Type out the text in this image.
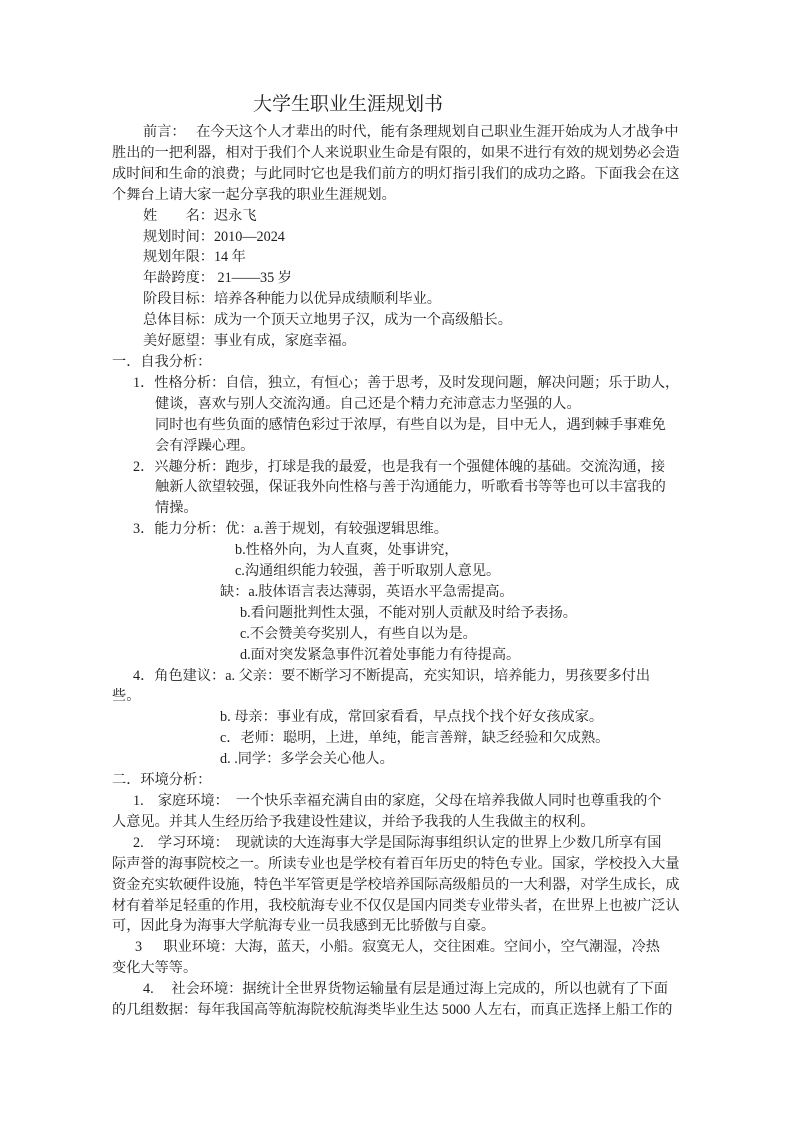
大学生职业生涯规划书
前言：　 在今天这个人才辈出的时代，能有条理规划自己职业生涯开始成为人才战争中
胜出的一把利器，相对于我们个人来说职业生命是有限的，如果不进行有效的规划势必会造
成时间和生命的浪费；与此同时它也是我们前方的明灯指引我们的成功之路。下面我会在这
个舞台上请大家一起分享我的职业生涯规划。
姓　　名：迟永飞
规划时间：2010—2024
规划年限：14 年
年龄跨度： 21——35 岁
阶段目标：培养各种能力以优异成绩顺利毕业。
总体目标：成为一个顶天立地男子汉，成为一个高级船长。
美好愿望：事业有成，家庭幸福。
一．自我分析：
1．性格分析：自信，独立，有恒心；善于思考，及时发现问题，解决问题；乐于助人，
健谈，喜欢与别人交流沟通。自己还是个精力充沛意志力坚强的人。
同时也有些负面的感情色彩过于浓厚，有些自以为是，目中无人，遇到棘手事难免
会有浮躁心理。
2．兴趣分析：跑步，打球是我的最爱，也是我有一个强健体魄的基础。交流沟通，接
触新人欲望较强，保证我外向性格与善于沟通能力，听歌看书等等也可以丰富我的
情操。
3．能力分析：优：a.善于规划，有较强逻辑思维。
b.性格外向，为人直爽，处事讲究，
c.沟通组织能力较强，善于听取别人意见。
缺：a.肢体语言表达薄弱，英语水平急需提高。
b.看问题批判性太强，不能对别人贡献及时给予表扬。
c.不会赞美夸奖别人，有些自以为是。
d.面对突发紧急事件沉着处事能力有待提高。
4．角色建议：a. 父亲：要不断学习不断提高，充实知识，培养能力，男孩要多付出
些。
b. 母亲：事业有成，常回家看看，早点找个找个好女孩成家。
c．老师：聪明，上进，单纯，能言善辩，缺乏经验和欠成熟。
d. .同学：多学会关心他人。
二．环境分析：
1.　家庭环境：　一个快乐幸福充满自由的家庭，父母在培养我做人同时也尊重我的个
人意见。并其人生经历给予我建设性建议，并给予我我的人生我做主的权利。
2.　学习环境：　现就读的大连海事大学是国际海事组织认定的世界上少数几所享有国
际声誉的海事院校之一。所读专业也是学校有着百年历史的特色专业。国家，学校投入大量
资金充实软硬件设施，特色半军管更是学校培养国际高级船员的一大利器，对学生成长，成
材有着举足轻重的作用，我校航海专业不仅仅是国内同类专业带头者，在世界上也被广泛认
可，因此身为海事大学航海专业一员我感到无比骄傲与自豪。
3　  职业环境：大海，蓝天，小船。寂寞无人，交往困难。空间小，空气潮湿，冷热
变化大等等。
4.　 社会环境：据统计全世界货物运输量有层是通过海上完成的，所以也就有了下面
的几组数据：每年我国高等航海院校航海类毕业生达 5000 人左右，而真正选择上船工作的
